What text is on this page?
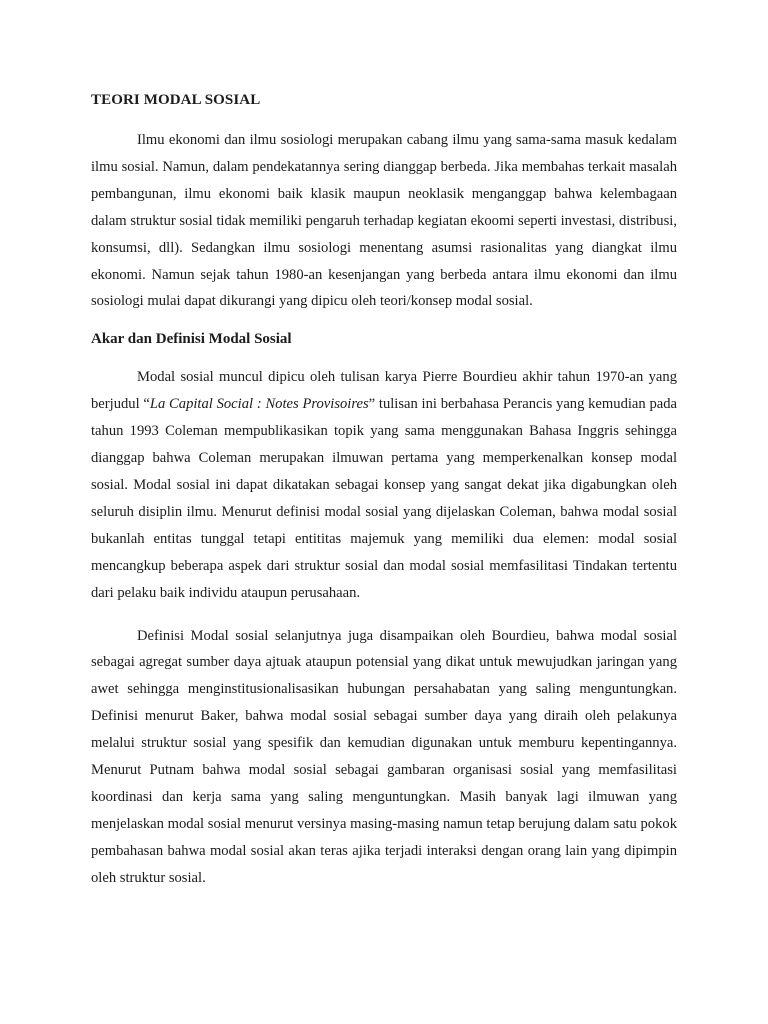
TEORI MODAL SOSIAL

Ilmu ekonomi dan ilmu sosiologi merupakan cabang ilmu yang sama-sama masuk kedalam ilmu sosial. Namun, dalam pendekatannya sering dianggap berbeda. Jika membahas terkait masalah pembangunan, ilmu ekonomi baik klasik maupun neoklasik menganggap bahwa kelembagaan dalam struktur sosial tidak memiliki pengaruh terhadap kegiatan ekoomi seperti investasi, distribusi, konsumsi, dll). Sedangkan ilmu sosiologi menentang asumsi rasionalitas yang diangkat ilmu ekonomi. Namun sejak tahun 1980-an kesenjangan yang berbeda antara ilmu ekonomi dan ilmu sosiologi mulai dapat dikurangi yang dipicu oleh teori/konsep modal sosial.

Akar dan Definisi Modal Sosial

Modal sosial muncul dipicu oleh tulisan karya Pierre Bourdieu akhir tahun 1970-an yang berjudul “La Capital Social : Notes Provisoires” tulisan ini berbahasa Perancis yang kemudian pada tahun 1993 Coleman mempublikasikan topik yang sama menggunakan Bahasa Inggris sehingga dianggap bahwa Coleman merupakan ilmuwan pertama yang memperkenalkan konsep modal sosial. Modal sosial ini dapat dikatakan sebagai konsep yang sangat dekat jika digabungkan oleh seluruh disiplin ilmu. Menurut definisi modal sosial yang dijelaskan Coleman, bahwa modal sosial bukanlah entitas tunggal tetapi entititas majemuk yang memiliki dua elemen: modal sosial mencangkup beberapa aspek dari struktur sosial dan modal sosial memfasilitasi Tindakan tertentu dari pelaku baik individu ataupun perusahaan.

Definisi Modal sosial selanjutnya juga disampaikan oleh Bourdieu, bahwa modal sosial sebagai agregat sumber daya ajtuak ataupun potensial yang dikat untuk mewujudkan jaringan yang awet sehingga menginstitusionalisasikan hubungan persahabatan yang saling menguntungkan. Definisi menurut Baker, bahwa modal sosial sebagai sumber daya yang diraih oleh pelakunya melalui struktur sosial yang spesifik dan kemudian digunakan untuk memburu kepentingannya. Menurut Putnam bahwa modal sosial sebagai gambaran organisasi sosial yang memfasilitasi koordinasi dan kerja sama yang saling menguntungkan. Masih banyak lagi ilmuwan yang menjelaskan modal sosial menurut versinya masing-masing namun tetap berujung dalam satu pokok pembahasan bahwa modal sosial akan teras ajika terjadi interaksi dengan orang lain yang dipimpin oleh struktur sosial.
